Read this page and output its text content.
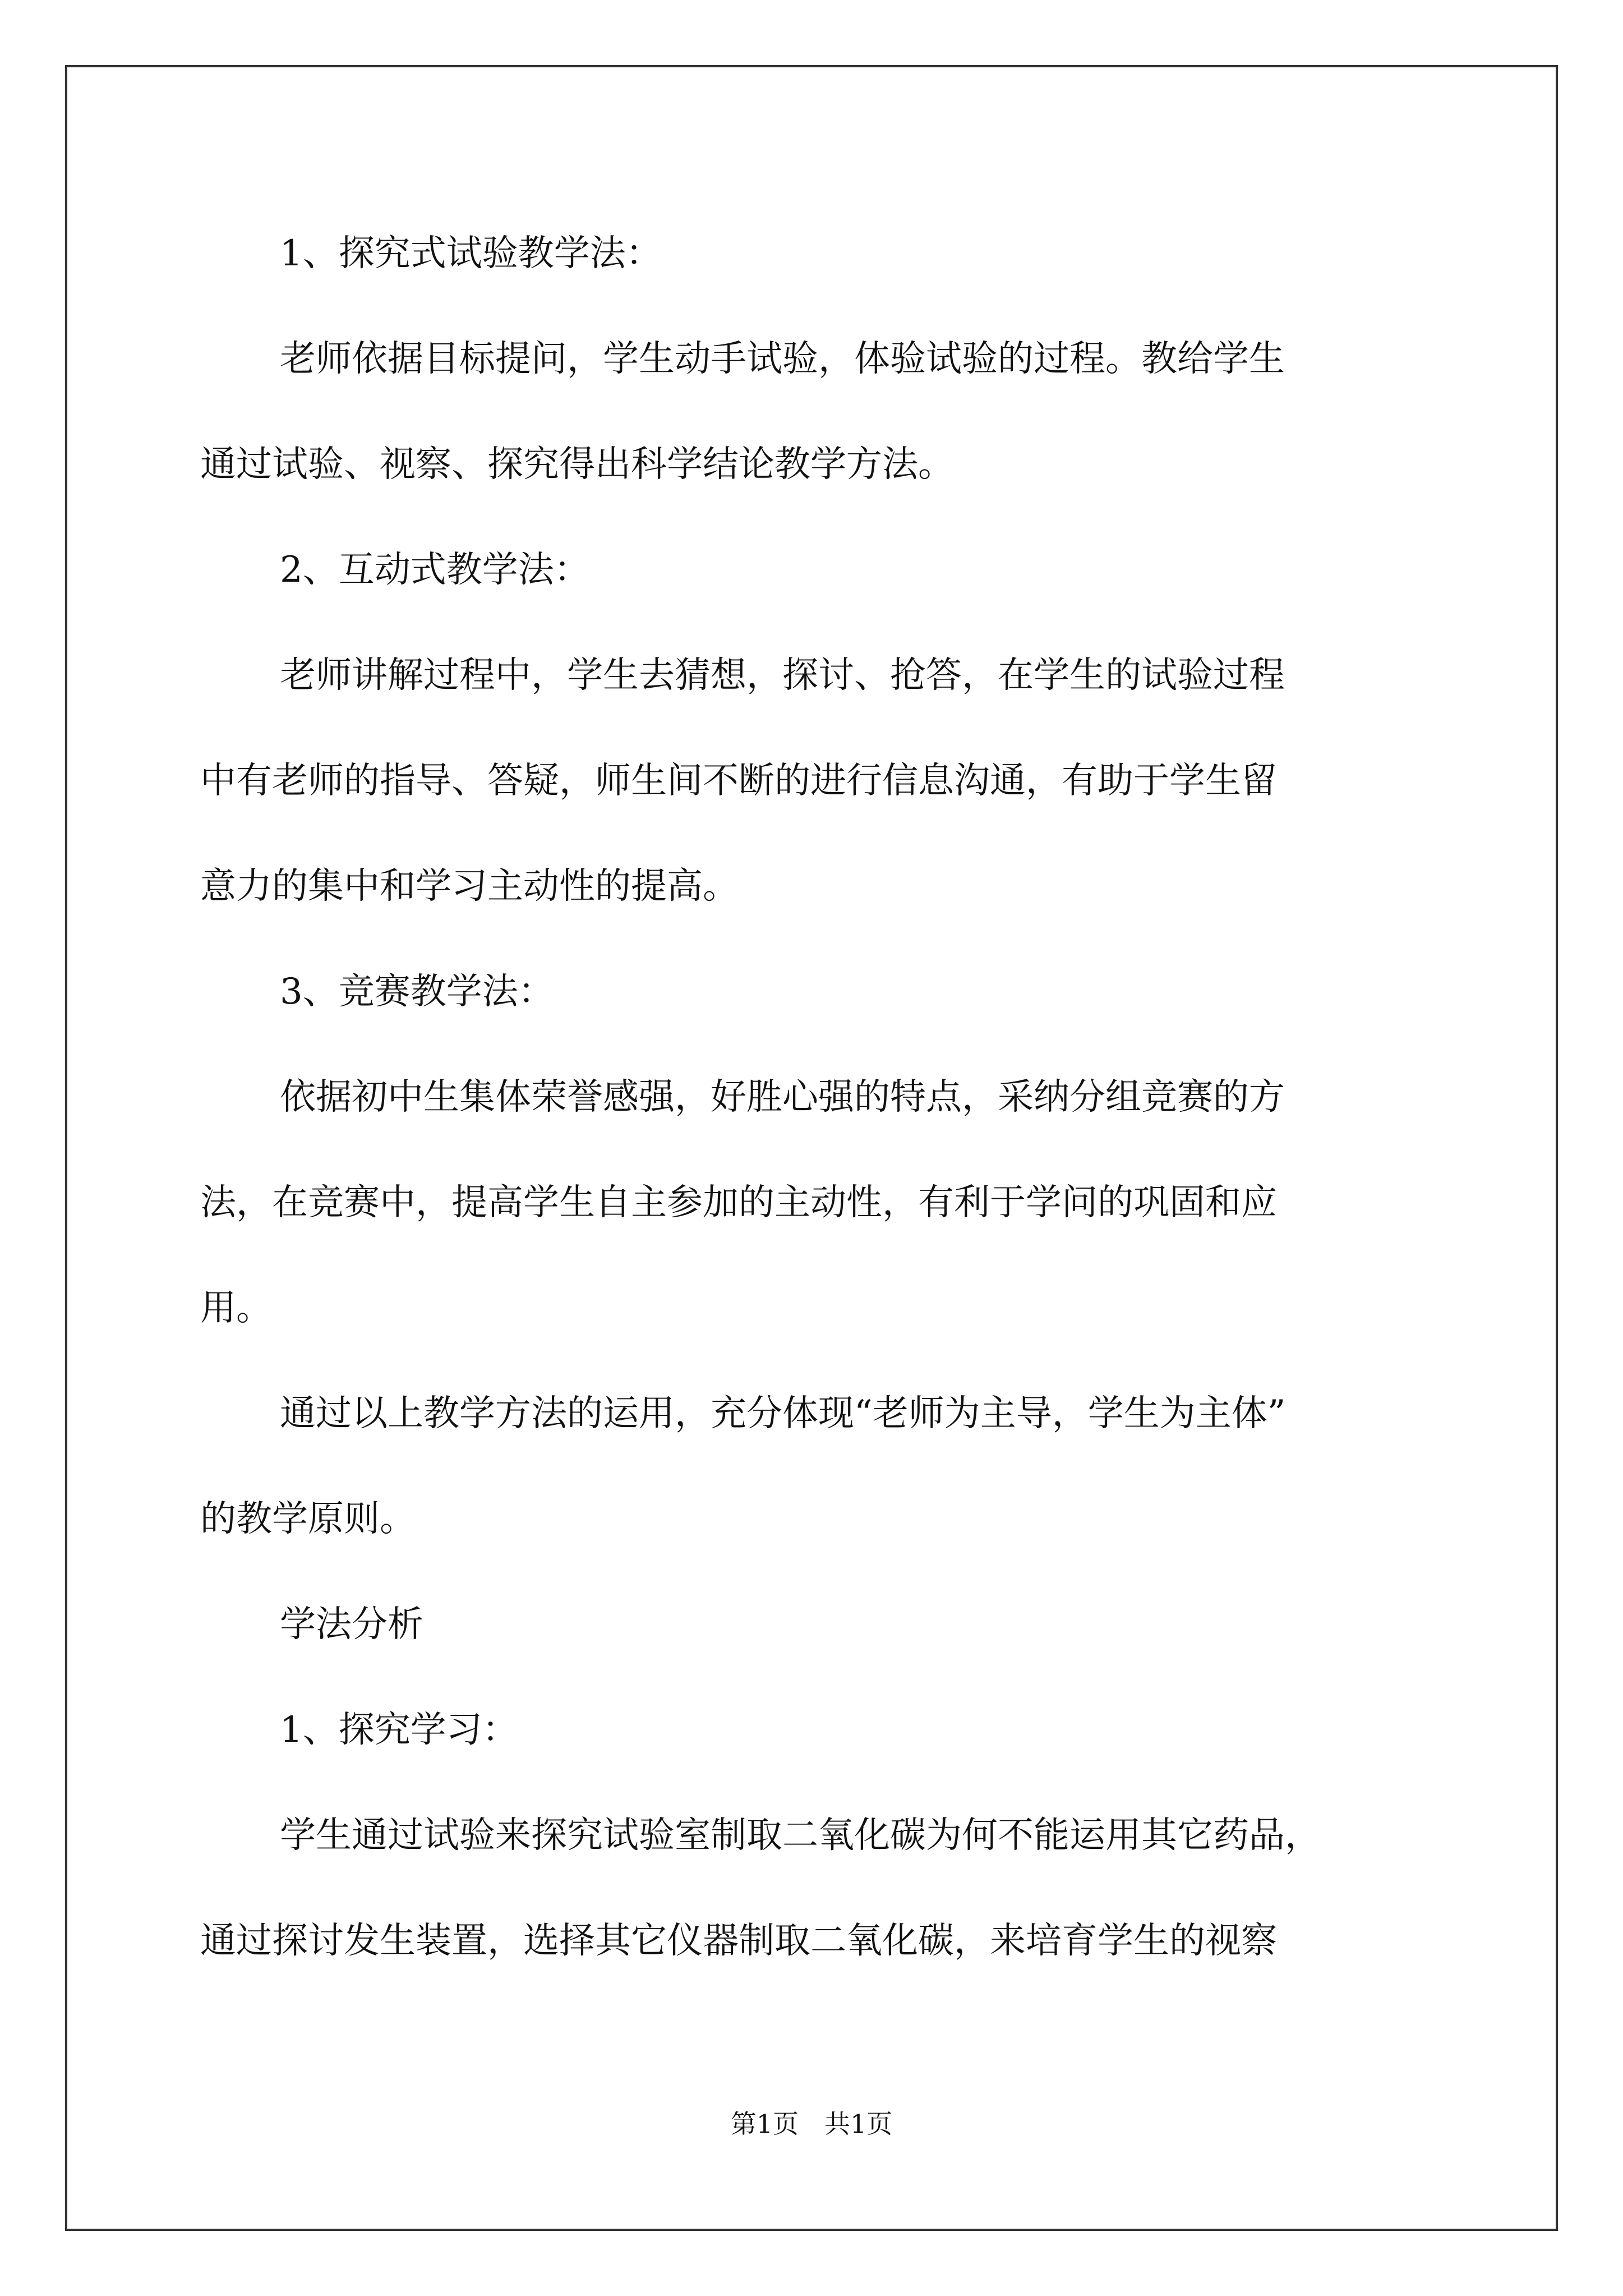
1、探究式试验教学法：

老师依据目标提问，学生动手试验，体验试验的过程。教给学生

通过试验、视察、探究得出科学结论教学方法。

2、互动式教学法：

老师讲解过程中，学生去猜想，探讨、抢答，在学生的试验过程

中有老师的指导、答疑，师生间不断的进行信息沟通，有助于学生留

意力的集中和学习主动性的提高。

3、竞赛教学法：

依据初中生集体荣誉感强，好胜心强的特点，采纳分组竞赛的方

法，在竞赛中，提高学生自主参加的主动性，有利于学问的巩固和应

用。

通过以上教学方法的运用，充分体现“老师为主导，学生为主体”

的教学原则。

学法分析

1、探究学习：

学生通过试验来探究试验室制取二氧化碳为何不能运用其它药品，

通过探讨发生装置，选择其它仪器制取二氧化碳，来培育学生的视察

第1页　共1页
